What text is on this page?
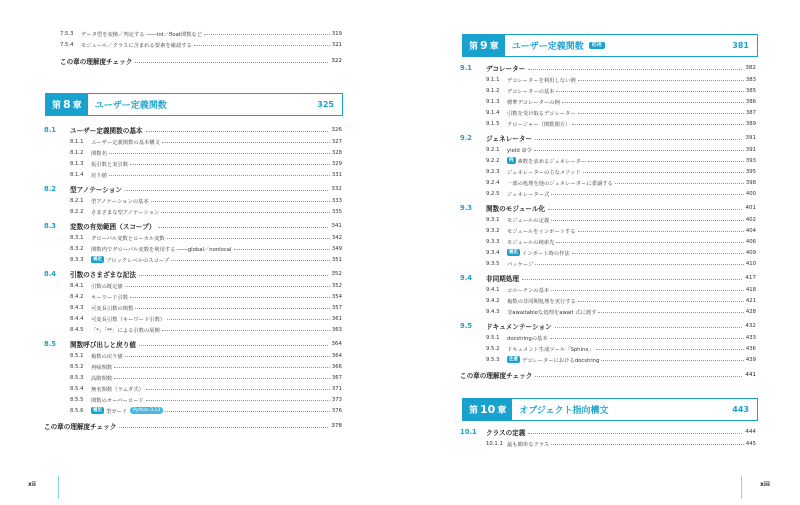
7.5.3	データ型を変換／判定する ――int／float関数など	319
7.5.4	モジュール／クラスに含まれる要素を確認する	321
この章の理解度チェック	322
第 8 章 ユーザー定義関数	325
8.1	ユーザー定義関数の基本	326
8.1.1	ユーザー定義関数の基本構文	327
8.1.2	関数名	328
8.1.3	仮引数と実引数	329
8.1.4	戻り値	331
8.2	型アノテーション	332
8.2.1	型アノテーションの基本	333
8.2.2	さまざまな型アノテーション	335
8.3	変数の有効範囲（スコープ）	341
8.3.1	グローバル変数とローカル変数	342
8.3.2	関数内でグローバル変数を利用する ――global／nonlocal	349
8.3.3	補足 ブロックレベルのスコープ	351
8.4	引数のさまざまな記法	352
8.4.1	引数の既定値	352
8.4.2	キーワード引数	354
8.4.3	可変長引数の関数	357
8.4.4	可変長引数（キーワード引数）	361
8.4.5	「*」「**」による引数の展開	363
8.5	関数呼び出しと戻り値	364
8.5.1	複数の戻り値	364
8.5.2	再帰関数	366
8.5.3	高階関数	367
8.5.4	無名関数（ラムダ式）	371
8.5.5	関数のオーバーロード	373
8.5.6	補足 型ガード	Python 3.13	376
この章の理解度チェック	378
xii
第 9 章 ユーザー定義関数	応用	381
9.1	デコレーター	382
9.1.1	デコレーターを利用しない例	383
9.1.2	デコレーターの基本	385
9.1.3	標準デコレーターの例	386
9.1.4	引数を受け取るデコレーター	387
9.1.5	クロージャー（関数閉方）	389
9.2	ジェネレーター	391
9.2.1	yield 命令	391
9.2.2	例 素数を求めるジェネレーター	393
9.2.3	ジェネレーターの主なメソッド	395
9.2.4	一部の処理を他のジェネレーターに委譲する	398
9.2.5	ジェネレーター式	400
9.3	関数のモジュール化	401
9.3.1	モジュールの定義	402
9.3.2	モジュールをインポートする	404
9.3.3	モジュールの検索先	406
9.3.4	補足 インポート時の作法	409
9.3.5	パッケージ	410
9.4	非同期処理	417
9.4.1	コルーチンの基本	418
9.4.2	複数の非同期処理を実行する	421
9.4.3	非awaitableな処理をawait 式に渡す	428
9.5	ドキュメンテーション	432
9.5.1	docstringの基本	433
9.5.2	ドキュメント生成ツール「Sphinx」	436
9.5.3	注意 デコレーターにおけるdocstring	439
この章の理解度チェック	441
第 10 章 オブジェクト指向構文	443
10.1	クラスの定義	444
10.1.1 最も簡単なクラス	445
xiii
